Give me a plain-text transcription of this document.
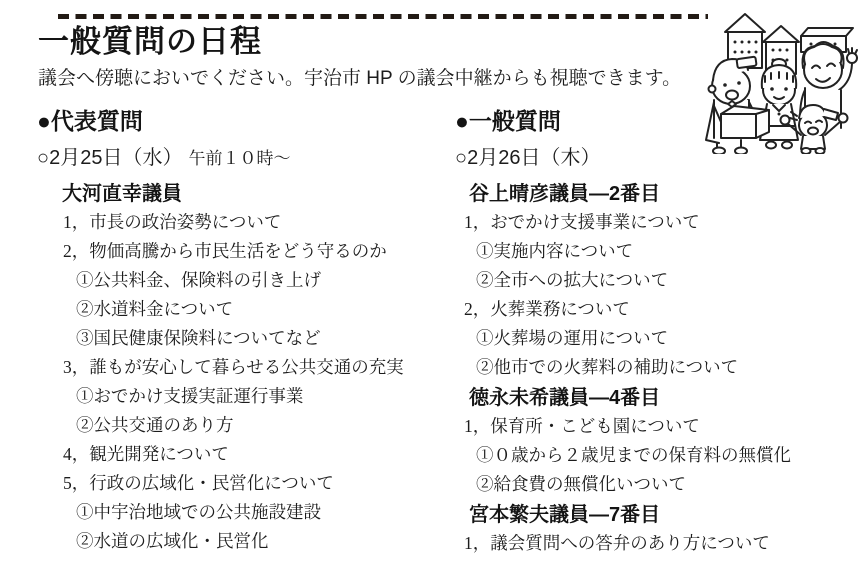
一般質問の日程
議会へ傍聴においでください。宇治市 HP の議会中継からも視聴できます。
●代表質問
○2月25日（水） 午前１０時～
大河直幸議員
1，市長の政治姿勢について
2，物価高騰から市民生活をどう守るのか
①公共料金、保険料の引き上げ
②水道料金について
③国民健康保険料についてなど
3，誰もが安心して暮らせる公共交通の充実
①おでかけ支援実証運行事業
②公共交通のあり方
4，観光開発について
5，行政の広域化・民営化について
①中宇治地域での公共施設建設
②水道の広域化・民営化
●一般質問
○2月26日（木）
谷上晴彦議員―2番目
1，おでかけ支援事業について
①実施内容について
②全市への拡大について
2，火葬業務について
①火葬場の運用について
②他市での火葬料の補助について
徳永未希議員―4番目
1，保育所・こども園について
①０歳から２歳児までの保育料の無償化
②給食費の無償化いついて
宮本繁夫議員―7番目
1，議会質問への答弁のあり方について
